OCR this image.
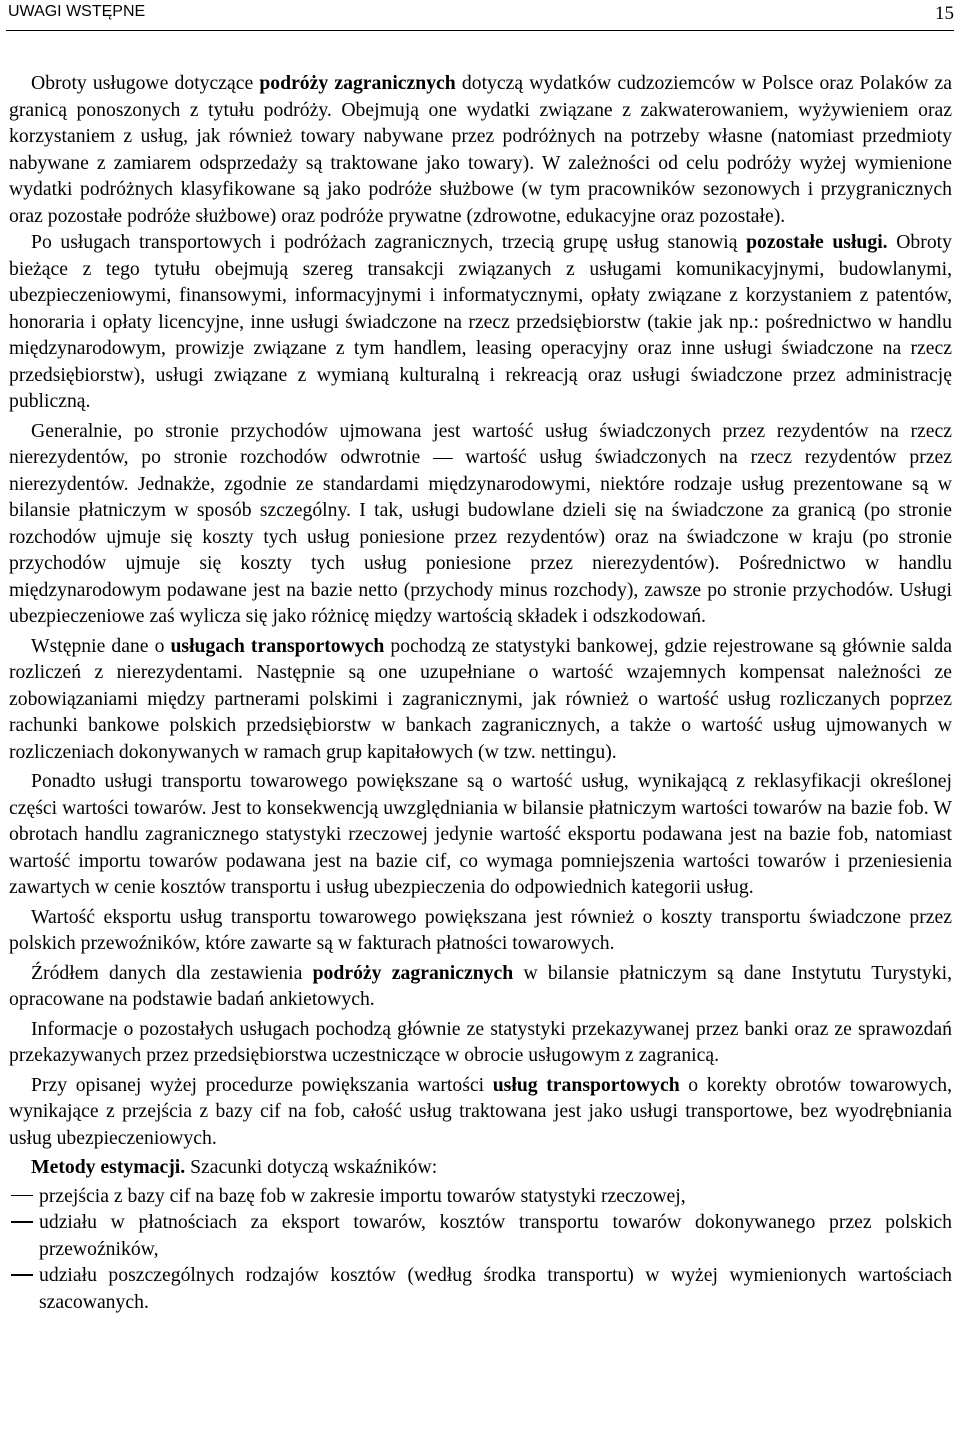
UWAGI WSTĘPNE	15

Obroty usługowe dotyczące podróży zagranicznych dotyczą wydatków cudzoziemców w Polsce oraz Polaków za granicą ponoszonych z tytułu podróży. Obejmują one wydatki związane z zakwaterowaniem, wyżywieniem oraz korzystaniem z usług, jak również towary nabywane przez podróżnych na potrzeby własne (natomiast przedmioty nabywane z zamiarem odsprzedaży są traktowane jako towary). W zależności od celu podróży wyżej wymienione wydatki podróżnych klasyfikowane są jako podróże służbowe (w tym pracowników sezonowych i przygranicznych oraz pozostałe podróże służbowe) oraz podróże prywatne (zdrowotne, edukacyjne oraz pozostałe).

Po usługach transportowych i podróżach zagranicznych, trzecią grupę usług stanowią pozostałe usługi. Obroty bieżące z tego tytułu obejmują szereg transakcji związanych z usługami komunikacyjnymi, budowlanymi, ubezpieczeniowymi, finansowymi, informacyjnymi i informatycznymi, opłaty związane z korzystaniem z patentów, honoraria i opłaty licencyjne, inne usługi świadczone na rzecz przedsiębiorstw (takie jak np.: pośrednictwo w handlu międzynarodowym, prowizje związane z tym handlem, leasing operacyjny oraz inne usługi świadczone na rzecz przedsiębiorstw), usługi związane z wymianą kulturalną i rekreacją oraz usługi świadczone przez administrację publiczną.

Generalnie, po stronie przychodów ujmowana jest wartość usług świadczonych przez rezydentów na rzecz nierezydentów, po stronie rozchodów odwrotnie — wartość usług świadczonych na rzecz rezydentów przez nierezydentów. Jednakże, zgodnie ze standardami międzynarodowymi, niektóre rodzaje usług prezentowane są w bilansie płatniczym w sposób szczególny. I tak, usługi budowlane dzieli się na świadczone za granicą (po stronie rozchodów ujmuje się koszty tych usług poniesione przez rezydentów) oraz na świadczone w kraju (po stronie przychodów ujmuje się koszty tych usług poniesione przez nierezydentów). Pośrednictwo w handlu międzynarodowym podawane jest na bazie netto (przychody minus rozchody), zawsze po stronie przychodów. Usługi ubezpieczeniowe zaś wylicza się jako różnicę między wartością składek i odszkodowań.

Wstępnie dane o usługach transportowych pochodzą ze statystyki bankowej, gdzie rejestrowane są głównie salda rozliczeń z nierezydentami. Następnie są one uzupełniane o wartość wzajemnych kompensat należności ze zobowiązaniami między partnerami polskimi i zagranicznymi, jak również o wartość usług rozliczanych poprzez rachunki bankowe polskich przedsiębiorstw w bankach zagranicznych, a także o wartość usług ujmowanych w rozliczeniach dokonywanych w ramach grup kapitałowych (w tzw. nettingu).

Ponadto usługi transportu towarowego powiększane są o wartość usług, wynikającą z reklasyfikacji określonej części wartości towarów. Jest to konsekwencją uwzględniania w bilansie płatniczym wartości towarów na bazie fob. W obrotach handlu zagranicznego statystyki rzeczowej jedynie wartość eksportu podawana jest na bazie fob, natomiast wartość importu towarów podawana jest na bazie cif, co wymaga pomniejszenia wartości towarów i przeniesienia zawartych w cenie kosztów transportu i usług ubezpieczenia do odpowiednich kategorii usług.

Wartość eksportu usług transportu towarowego powiększana jest również o koszty transportu świadczone przez polskich przewoźników, które zawarte są w fakturach płatności towarowych.

Źródłem danych dla zestawienia podróży zagranicznych w bilansie płatniczym są dane Instytutu Turystyki, opracowane na podstawie badań ankietowych.

Informacje o pozostałych usługach pochodzą głównie ze statystyki przekazywanej przez banki oraz ze sprawozdań przekazywanych przez przedsiębiorstwa uczestniczące w obrocie usługowym z zagranicą.

Przy opisanej wyżej procedurze powiększania wartości usług transportowych o korekty obrotów towarowych, wynikające z przejścia z bazy cif na fob, całość usług traktowana jest jako usługi transportowe, bez wyodrębniania usług ubezpieczeniowych.

Metody estymacji. Szacunki dotyczą wskaźników:

przejścia z bazy cif na bazę fob w zakresie importu towarów statystyki rzeczowej,
udziału w płatnościach za eksport towarów, kosztów transportu towarów dokonywanego przez polskich przewoźników,
udziału poszczególnych rodzajów kosztów (według środka transportu) w wyżej wymienionych wartościach szacowanych.
